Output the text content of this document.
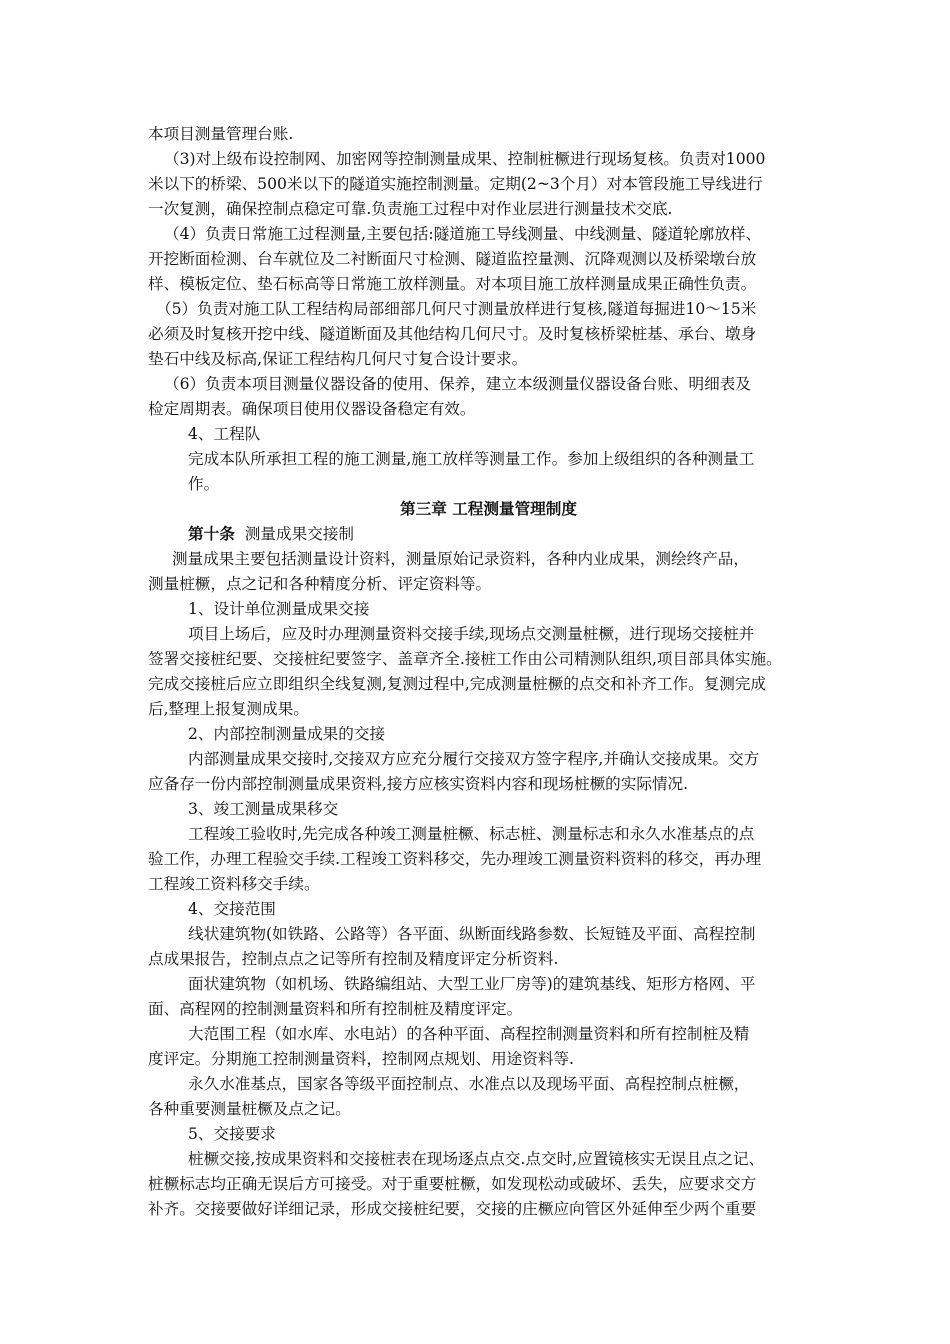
本项目测量管理台账.

（3)对上级布设控制网、加密网等控制测量成果、控制桩橛进行现场复核。负责对1000

米以下的桥梁、500米以下的隧道实施控制测量。定期(2~3个月）对本管段施工导线进行

一次复测，确保控制点稳定可靠.负责施工过程中对作业层进行测量技术交底.

（4）负责日常施工过程测量,主要包括:隧道施工导线测量、中线测量、隧道轮廓放样、

开挖断面检测、台车就位及二衬断面尺寸检测、隧道监控量测、沉降观测以及桥梁墩台放

样、模板定位、垫石标高等日常施工放样测量。对本项目施工放样测量成果正确性负责。

（5）负责对施工队工程结构局部细部几何尺寸测量放样进行复核,隧道每掘进10～15米

必须及时复核开挖中线、隧道断面及其他结构几何尺寸。及时复核桥梁桩基、承台、墩身

垫石中线及标高,保证工程结构几何尺寸复合设计要求。

（6）负责本项目测量仪器设备的使用、保养，建立本级测量仪器设备台账、明细表及

检定周期表。确保项目使用仪器设备稳定有效。

4、工程队

完成本队所承担工程的施工测量,施工放样等测量工作。参加上级组织的各种测量工

作。

第三章 工程测量管理制度

第十条 测量成果交接制

测量成果主要包括测量设计资料，测量原始记录资料，各种内业成果，测绘终产品，

测量桩橛，点之记和各种精度分析、评定资料等。

1、设计单位测量成果交接

项目上场后，应及时办理测量资料交接手续,现场点交测量桩橛，进行现场交接桩并

签署交接桩纪要、交接桩纪要签字、盖章齐全.接桩工作由公司精测队组织,项目部具体实施。

完成交接桩后应立即组织全线复测,复测过程中,完成测量桩橛的点交和补齐工作。复测完成

后,整理上报复测成果。

2、内部控制测量成果的交接

内部测量成果交接时,交接双方应充分履行交接双方签字程序,并确认交接成果。交方

应备存一份内部控制测量成果资料,接方应核实资料内容和现场桩橛的实际情况.

3、竣工测量成果移交

工程竣工验收时,先完成各种竣工测量桩橛、标志桩、测量标志和永久水准基点的点

验工作，办理工程验交手续.工程竣工资料移交，先办理竣工测量资料资料的移交，再办理

工程竣工资料移交手续。

4、交接范围

线状建筑物(如铁路、公路等）各平面、纵断面线路参数、长短链及平面、高程控制

点成果报告，控制点点之记等所有控制及精度评定分析资料.

面状建筑物（如机场、铁路编组站、大型工业厂房等)的建筑基线、矩形方格网、平

面、高程网的控制测量资料和所有控制桩及精度评定。

大范围工程（如水库、水电站）的各种平面、高程控制测量资料和所有控制桩及精

度评定。分期施工控制测量资料，控制网点规划、用途资料等.

永久水准基点，国家各等级平面控制点、水准点以及现场平面、高程控制点桩橛，

各种重要测量桩橛及点之记。

5、交接要求

桩橛交接,按成果资料和交接桩表在现场逐点点交.点交时,应置镜核实无误且点之记、

桩橛标志均正确无误后方可接受。对于重要桩橛，如发现松动或破坏、丢失，应要求交方

补齐。交接要做好详细记录，形成交接桩纪要，交接的庄橛应向管区外延伸至少两个重要
